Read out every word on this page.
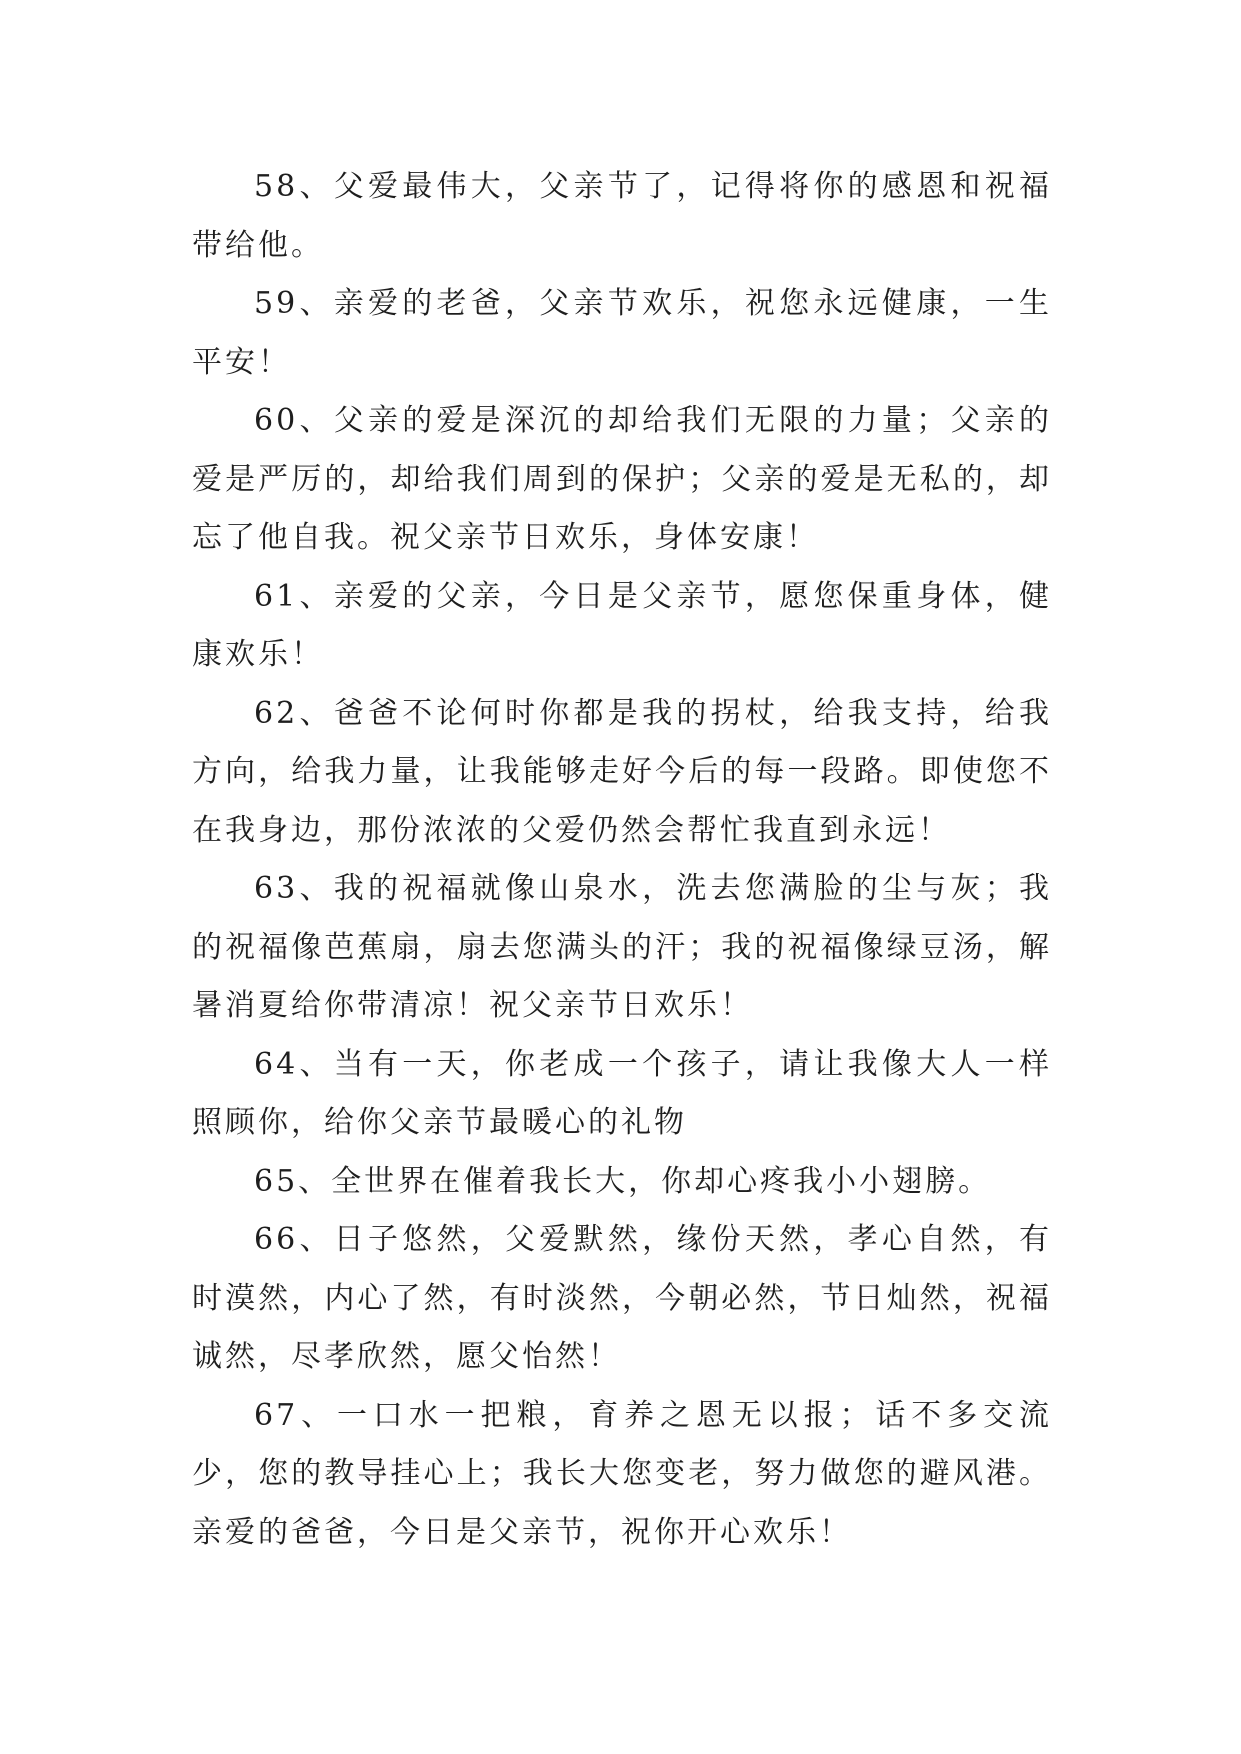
58、父爱最伟大，父亲节了，记得将你的感恩和祝福带给他。

59、亲爱的老爸，父亲节欢乐，祝您永远健康，一生平安！

60、父亲的爱是深沉的却给我们无限的力量；父亲的爱是严厉的，却给我们周到的保护；父亲的爱是无私的，却忘了他自我。祝父亲节日欢乐，身体安康！

61、亲爱的父亲，今日是父亲节，愿您保重身体，健康欢乐！

62、爸爸不论何时你都是我的拐杖，给我支持，给我方向，给我力量，让我能够走好今后的每一段路。即使您不在我身边，那份浓浓的父爱仍然会帮忙我直到永远！

63、我的祝福就像山泉水，洗去您满脸的尘与灰；我的祝福像芭蕉扇，扇去您满头的汗；我的祝福像绿豆汤，解暑消夏给你带清凉！祝父亲节日欢乐！

64、当有一天，你老成一个孩子，请让我像大人一样照顾你，给你父亲节最暖心的礼物

65、全世界在催着我长大，你却心疼我小小翅膀。

66、日子悠然，父爱默然，缘份天然，孝心自然，有时漠然，内心了然，有时淡然，今朝必然，节日灿然，祝福诚然，尽孝欣然，愿父怡然！

67、一口水一把粮，育养之恩无以报；话不多交流少，您的教导挂心上；我长大您变老，努力做您的避风港。亲爱的爸爸，今日是父亲节，祝你开心欢乐！
